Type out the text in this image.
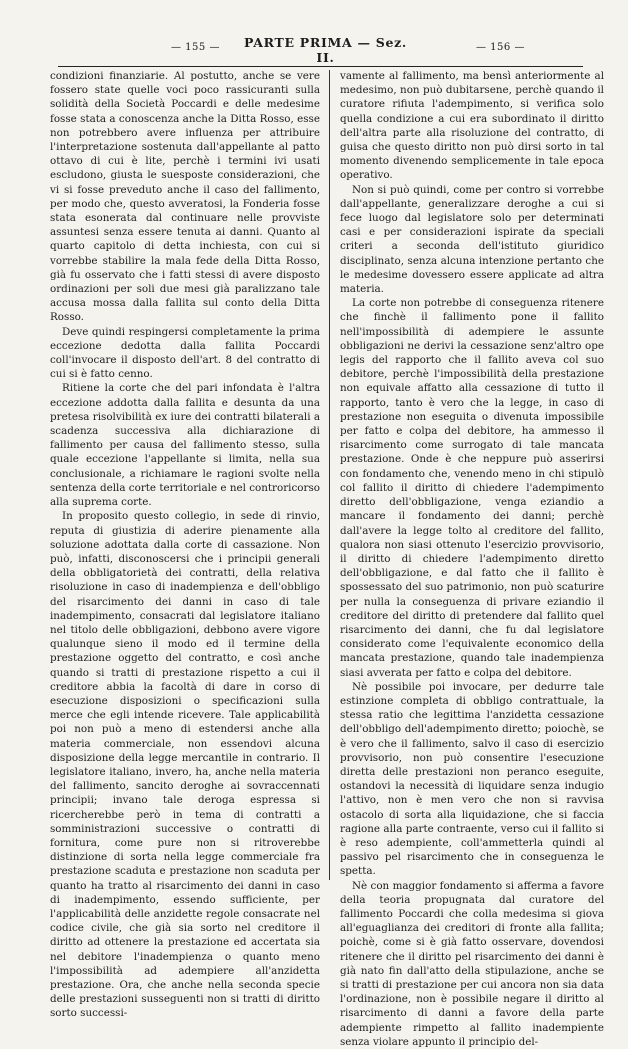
— 155 —	PARTE PRIMA — Sez. II.
— 156 —

condizioni finanziarie. Al postutto, anche se vere fossero state quelle voci poco rassicuranti sulla solidità della Società Poccardi e delle medesime fosse stata a conoscenza anche la Ditta Rosso, esse non potrebbero avere influenza per attribuire l'interpretazione sostenuta dall'appellante al patto ottavo di cui è lite, perchè i termini ivi usati escludono, giusta le suesposte considerazioni, che vi si fosse preveduto anche il caso del fallimento, per modo che, questo avveratosi, la Fonderia fosse stata esonerata dal continuare nelle provviste assuntesi senza essere tenuta ai danni. Quanto al quarto capitolo di detta inchiesta, con cui si vorrebbe stabilire la mala fede della Ditta Rosso, già fu osservato che i fatti stessi di avere disposto ordinazioni per soli due mesi già paralizzano tale accusa mossa dalla fallita sul conto della Ditta Rosso.

Deve quindi respingersi completamente la prima eccezione dedotta dalla fallita Poccardi coll'invocare il disposto dell'art. 8 del contratto di cui si è fatto cenno.

Ritiene la corte che del pari infondata è l'altra eccezione addotta dalla fallita e desunta da una pretesa risolvibilità ex iure dei contratti bilaterali a scadenza successiva alla dichiarazione di fallimento per causa del fallimento stesso, sulla quale eccezione l'appellante si limita, nella sua conclusionale, a richiamare le ragioni svolte nella sentenza della corte territoriale e nel controricorso alla suprema corte.

In proposito questo collegio, in sede di rinvio, reputa di giustizia di aderire pienamente alla soluzione adottata dalla corte di cassazione. Non può, infatti, disconoscersi che i principii generali della obbligatorietà dei contratti, della relativa risoluzione in caso di inadempienza e dell'obbligo del risarcimento dei danni in caso di tale inadempimento, consacrati dal legislatore italiano nel titolo delle obbligazioni, debbono avere vigore qualunque sieno il modo ed il termine della prestazione oggetto del contratto, e così anche quando si tratti di prestazione rispetto a cui il creditore abbia la facoltà di dare in corso di esecuzione disposizioni o specificazioni sulla merce che egli intende ricevere. Tale applicabilità poi non può a meno di estendersi anche alla materia commerciale, non essendovi alcuna disposizione della legge mercantile in contrario. Il legislatore italiano, invero, ha, anche nella materia del fallimento, sancito deroghe ai sovraccennati principii; invano tale deroga espressa si ricercherebbe però in tema di contratti a somministrazioni successive o contratti di fornitura, come pure non si ritroverebbe distinzione di sorta nella legge commerciale fra prestazione scaduta e prestazione non scaduta per quanto ha tratto al risarcimento dei danni in caso di inadempimento, essendo sufficiente, per l'applicabilità delle anzidette regole consacrate nel codice civile, che già sia sorto nel creditore il diritto ad ottenere la prestazione ed accertata sia nel debitore l'inadempienza o quanto meno l'impossibilità ad adempiere all'anzidetta prestazione. Ora, che anche nella seconda specie delle prestazioni susseguenti non si tratti di diritto sorto successi-

vamente al fallimento, ma bensì anteriormente al medesimo, non può dubitarsene, perchè quando il curatore rifiuta l'adempimento, si verifica solo quella condizione a cui era subordinato il diritto dell'altra parte alla risoluzione del contratto, di guisa che questo diritto non può dirsi sorto in tal momento divenendo semplicemente in tale epoca operativo.

Non si può quindi, come per contro si vorrebbe dall'appellante, generalizzare deroghe a cui si fece luogo dal legislatore solo per determinati casi e per considerazioni ispirate da speciali criteri a seconda dell'istituto giuridico disciplinato, senza alcuna intenzione pertanto che le medesime dovessero essere applicate ad altra materia.

La corte non potrebbe di conseguenza ritenere che finchè il fallimento pone il fallito nell'impossibilità di adempiere le assunte obbligazioni ne derivi la cessazione senz'altro ope legis del rapporto che il fallito aveva col suo debitore, perchè l'impossibilità della prestazione non equivale affatto alla cessazione di tutto il rapporto, tanto è vero che la legge, in caso di prestazione non eseguita o divenuta impossibile per fatto e colpa del debitore, ha ammesso il risarcimento come surrogato di tale mancata prestazione. Onde è che neppure può asserirsi con fondamento che, venendo meno in chi stipulò col fallito il diritto di chiedere l'adempimento diretto dell'obbligazione, venga eziandio a mancare il fondamento dei danni; perchè dall'avere la legge tolto al creditore del fallito, qualora non siasi ottenuto l'esercizio provvisorio, il diritto di chiedere l'adempimento diretto dell'obbligazione, e dal fatto che il fallito è spossessato del suo patrimonio, non può scaturire per nulla la conseguenza di privare eziandio il creditore del diritto di pretendere dal fallito quel risarcimento dei danni, che fu dal legislatore considerato come l'equivalente economico della mancata prestazione, quando tale inadempienza siasi avverata per fatto e colpa del debitore.

Nè possibile poi invocare, per dedurre tale estinzione completa di obbligo contrattuale, la stessa ratio che legittima l'anzidetta cessazione dell'obbligo dell'adempimento diretto; poiochè, se è vero che il fallimento, salvo il caso di esercizio provvisorio, non può consentire l'esecuzione diretta delle prestazioni non peranco eseguite, ostandovi la necessità di liquidare senza indugio l'attivo, non è men vero che non si ravvisa ostacolo di sorta alla liquidazione, che si faccia ragione alla parte contraente, verso cui il fallito si è reso adempiente, coll'ammetterla quindi al passivo pel risarcimento che in conseguenza le spetta.

Nè con maggior fondamento si afferma a favore della teoria propugnata dal curatore del fallimento Poccardi che colla medesima si giova all'eguaglianza dei creditori di fronte alla fallita; poichè, come si è già fatto osservare, dovendosi ritenere che il diritto pel risarcimento dei danni è già nato fin dall'atto della stipulazione, anche se si tratti di prestazione per cui ancora non sia data l'ordinazione, non è possibile negare il diritto al risarcimento di danni a favore della parte adempiente rimpetto al fallito inadempiente senza violare appunto il principio del-
